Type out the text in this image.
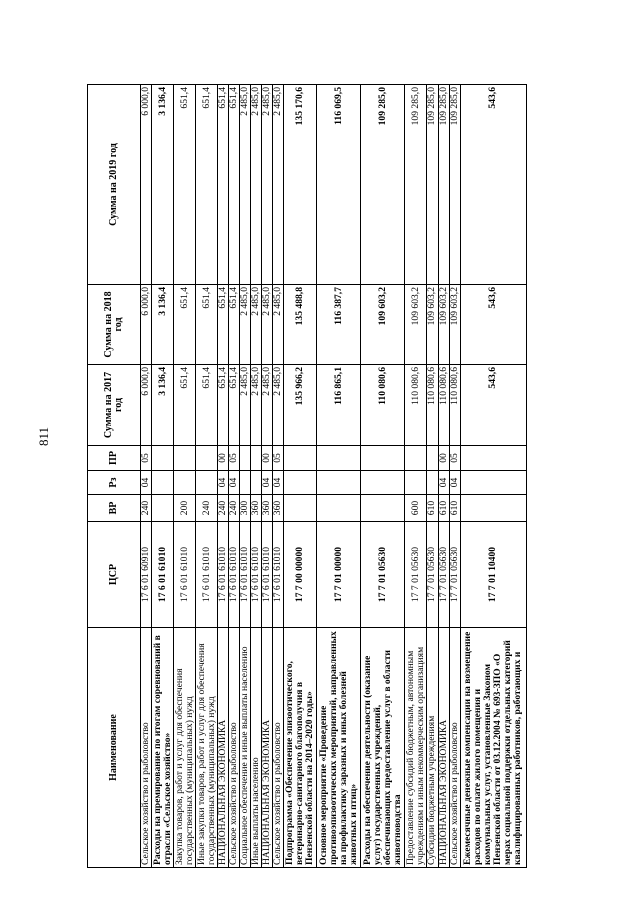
811
Наименование	ЦСР	ВР	Рз	ПР	Сумма на 2017 год	Сумма на 2018 год	Сумма на 2019 год
Сельское хозяйство и рыболовство	17 6 01 60910	240	04	05	6 000,0	6 000,0	6 000,0
Расходы на премирование по итогам соревнований в отрасли «Сельское хозяйство»	17 6 01 61010				3 136,4	3 136,4	3 136,4
Закупка товаров, работ и услуг для обеспечения государственных (муниципальных) нужд	17 6 01 61010	200			651,4	651,4	651,4
Иные закупки товаров, работ и услуг для обеспечения государственных (муниципальных) нужд	17 6 01 61010	240			651,4	651,4	651,4
НАЦИОНАЛЬНАЯ ЭКОНОМИКА	17 6 01 61010	240	04	00	651,4	651,4	651,4
Сельское хозяйство и рыболовство	17 6 01 61010	240	04	05	651,4	651,4	651,4
Социальное обеспечение и иные выплаты населению	17 6 01 61010	300			2 485,0	2 485,0	2 485,0
Иные выплаты населению	17 6 01 61010	360			2 485,0	2 485,0	2 485,0
НАЦИОНАЛЬНАЯ ЭКОНОМИКА	17 6 01 61010	360	04	00	2 485,0	2 485,0	2 485,0
Сельское хозяйство и рыболовство	17 6 01 61010	360	04	05	2 485,0	2 485,0	2 485,0
Подпрограмма «Обеспечение эпизоотического, ветеринарно-санитарного благополучия в Пензенской области на 2014–2020 годы»	17 7 00 00000				135 966,2	135 488,8	135 170,6
Основное мероприятие «Проведение противоэпизоотических мероприятий, направленных на профилактику заразных и иных болезней животных и птиц»	17 7 01 00000				116 865,1	116 387,7	116 069,5
Расходы на обеспечение деятельности (оказание услуг) государственных учреждений, обеспечивающих предоставление услуг в области животноводства	17 7 01 05630				110 080,6	109 603,2	109 285,0
Предоставление субсидий бюджетным, автономным учреждениям и иным некоммерческим организациям	17 7 01 05630	600			110 080,6	109 603,2	109 285,0
Субсидии бюджетным учреждениям	17 7 01 05630	610			110 080,6	109 603,2	109 285,0
НАЦИОНАЛЬНАЯ ЭКОНОМИКА	17 7 01 05630	610	04	00	110 080,6	109 603,2	109 285,0
Сельское хозяйство и рыболовство	17 7 01 05630	610	04	05	110 080,6	109 603,2	109 285,0
Ежемесячные денежные компенсации на возмещение расходов по оплате жилого помещения и коммунальных услуг, установленные Законом Пензенской области от 03.12.2004 № 693-ЗПО «О мерах социальной поддержки отдельных категорий квалифицированных работников, работающих и	17 7 01 10400				543,6	543,6	543,6
